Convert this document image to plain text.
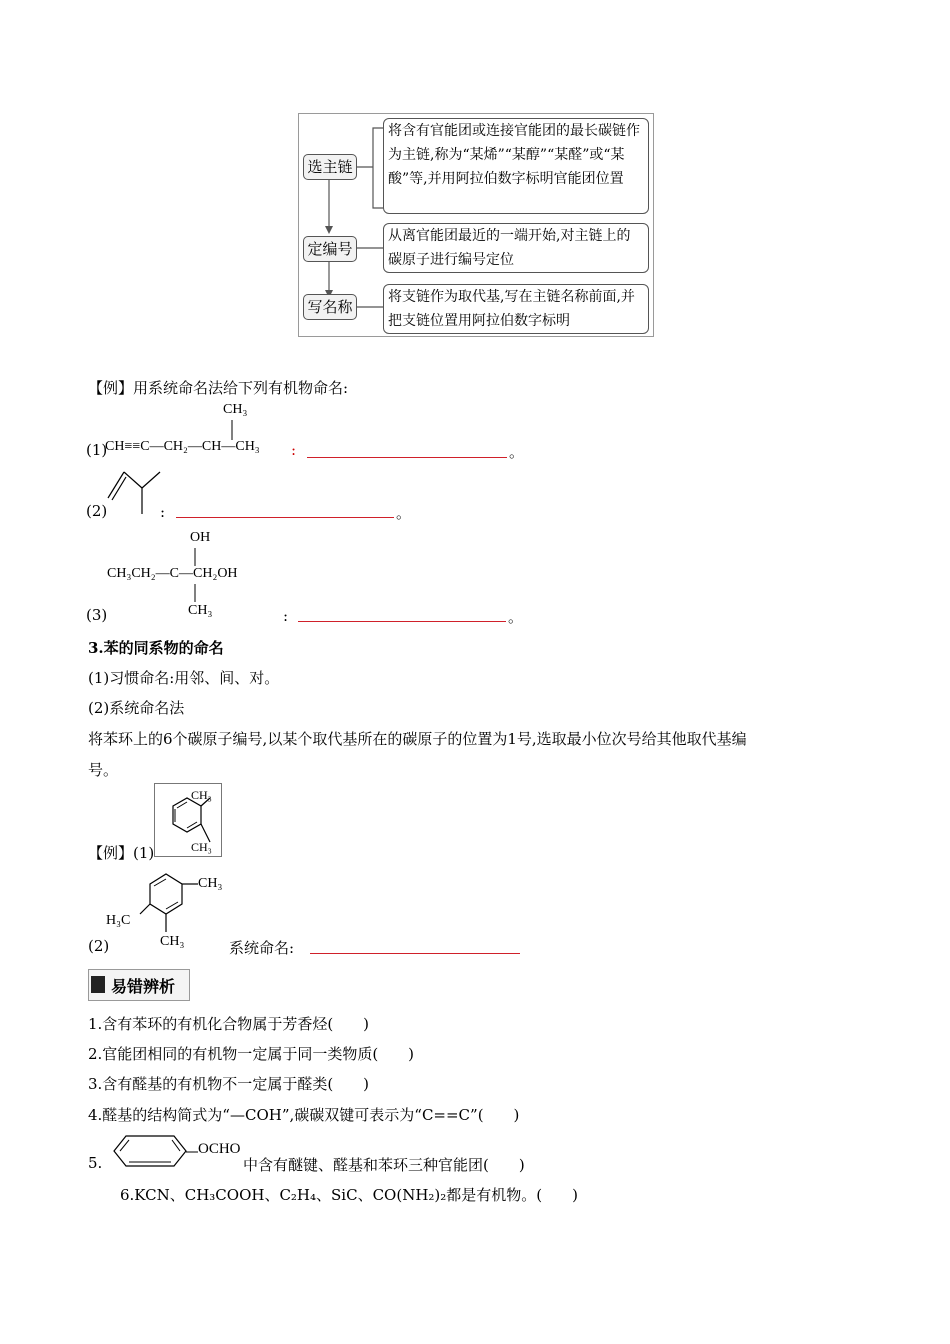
选主链
将含有官能团或连接官能团的最长碳链作为主链,称为“某烯”“某醇”“某醛”或“某酸”等,并用阿拉伯数字标明官能团位置
定编号
从离官能团最近的一端开始,对主链上的碳原子进行编号定位
写名称
将支链作为取代基,写在主链名称前面,并把支链位置用阿拉伯数字标明
【例】用系统命名法给下列有机物命名:
CH₃
(1)
CH≡≡C—CH₂—CH—CH₃ :	。
(2)	:	。
OH
CH₃CH₂—C—CH₂OH
CH₃
(3)	:	。
3.苯的同系物的命名
(1)习惯命名:用邻、间、对。
(2)系统命名法
将苯环上的6个碳原子编号,以某个取代基所在的碳原子的位置为1号,选取最小位次号给其他取代基编
号。
CH₃
CH₃
【例】(1)
CH₃
H₃C
(2)	CH₃	系统命名:
易错辨析
1.含有苯环的有机化合物属于芳香烃(　　)
2.官能团相同的有机物一定属于同一类物质(　　)
3.含有醛基的有机物不一定属于醛类(　　)
4.醛基的结构简式为“—COH”,碳碳双键可表示为“C==C”(　　)
5.
OCHO
中含有醚键、醛基和苯环三种官能团(　　)
6.KCN、CH₃COOH、C₂H₄、SiC、CO(NH₂)₂都是有机物。(　　)
